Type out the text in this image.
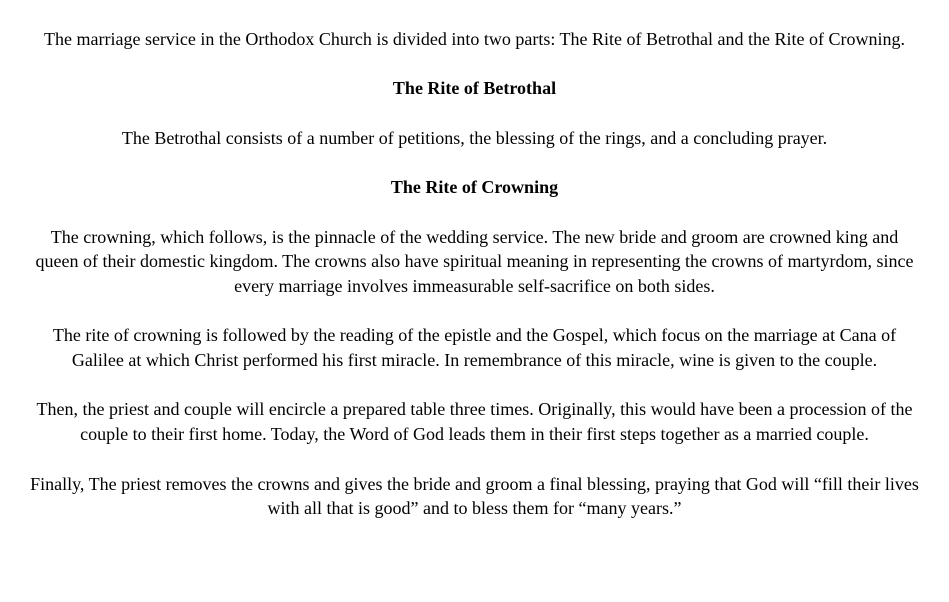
The marriage service in the Orthodox Church is divided into two parts: The Rite of Betrothal and the Rite of Crowning.

The Rite of Betrothal

The Betrothal consists of a number of petitions, the blessing of the rings, and a concluding prayer.

The Rite of Crowning

The crowning, which follows, is the pinnacle of the wedding service. The new bride and groom are crowned king and queen of their domestic kingdom. The crowns also have spiritual meaning in representing the crowns of martyrdom, since every marriage involves immeasurable self-sacrifice on both sides.

The rite of crowning is followed by the reading of the epistle and the Gospel, which focus on the marriage at Cana of Galilee at which Christ performed his first miracle. In remembrance of this miracle, wine is given to the couple.

Then, the priest and couple will encircle a prepared table three times. Originally, this would have been a procession of the couple to their first home. Today, the Word of God leads them in their first steps together as a married couple.

Finally, The priest removes the crowns and gives the bride and groom a final blessing, praying that God will “fill their lives with all that is good” and to bless them for “many years.”
